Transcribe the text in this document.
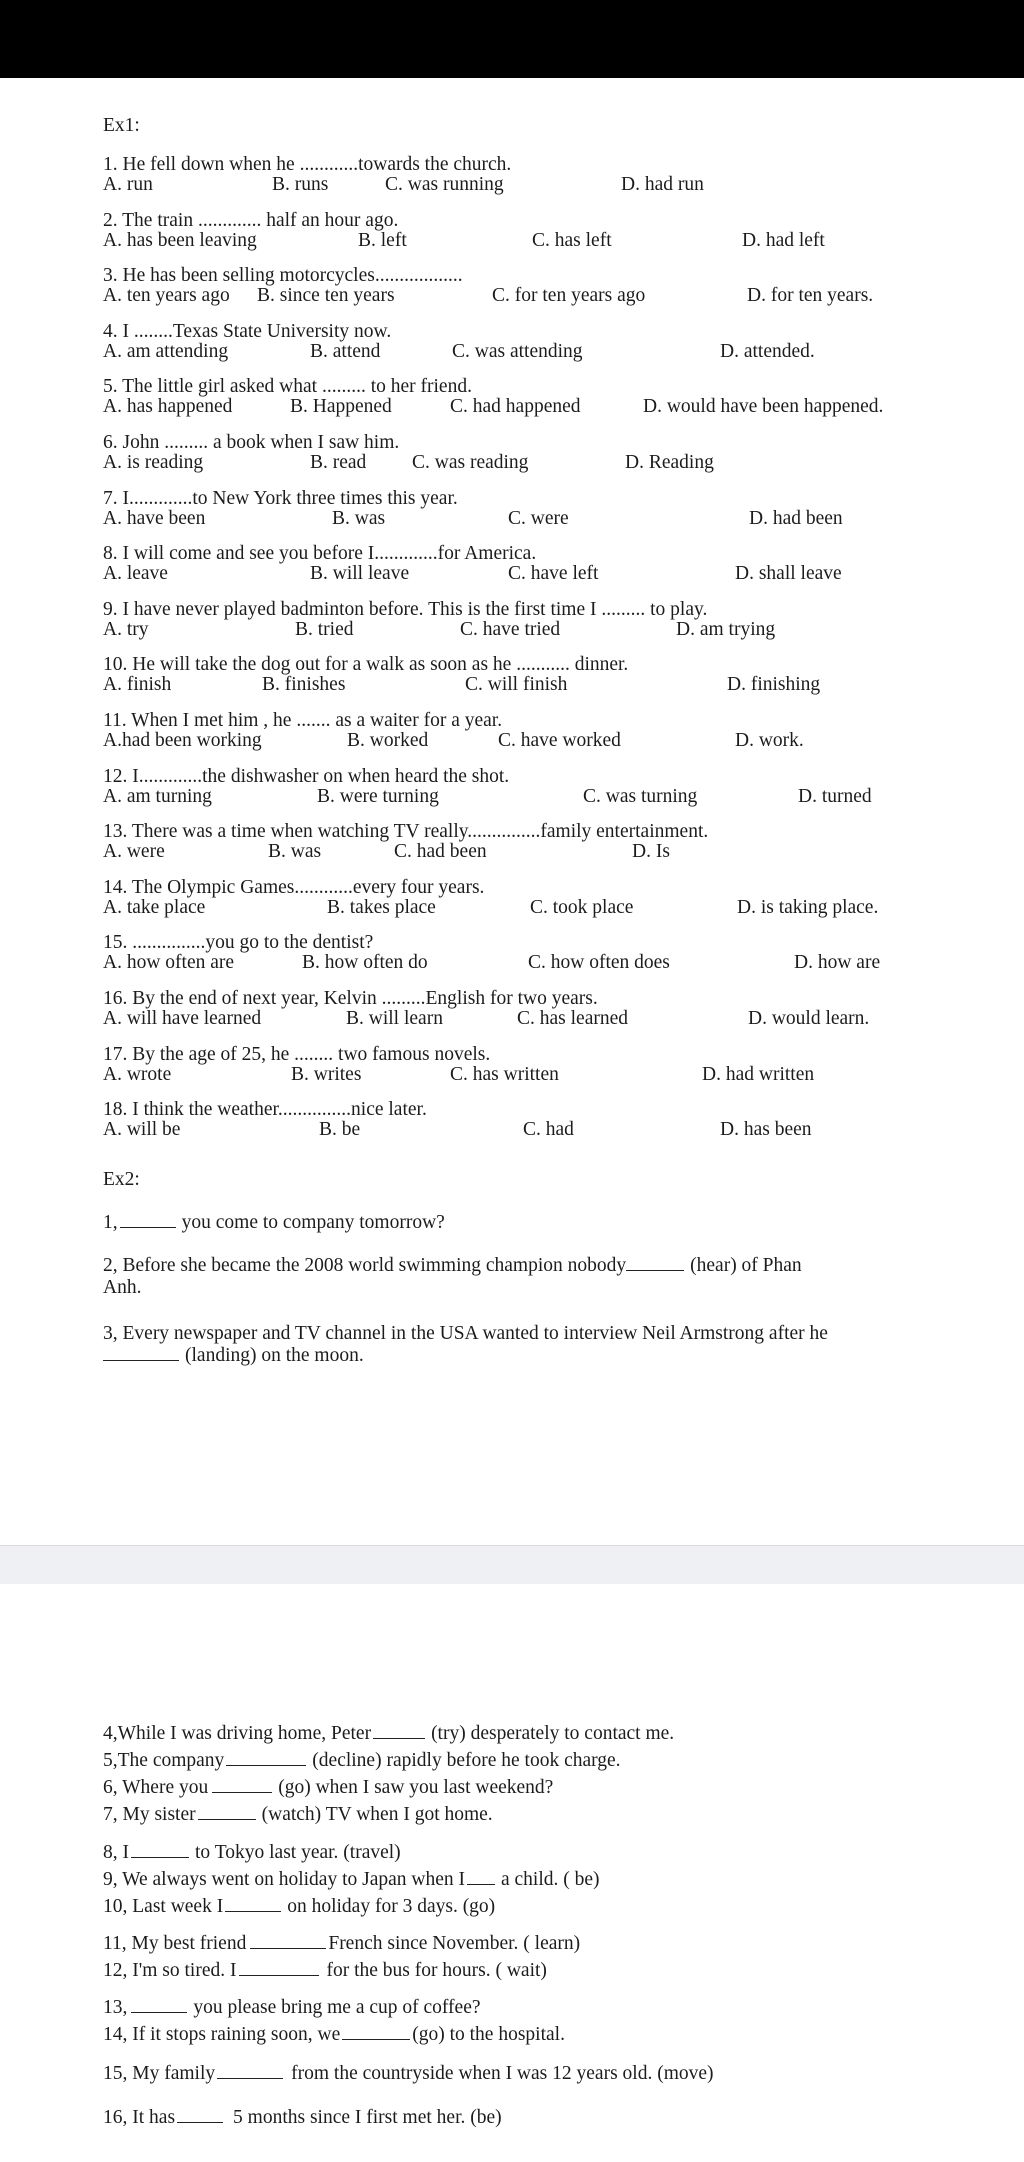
Ex1:
1. He fell down when he ............towards the church.
A. run	B. runs	C. was running	D. had run
2. The train ............. half an hour ago.
A. has been leaving	B. left	C. has left	D. had left
3. He has been selling motorcycles..................
A. ten years ago B. since ten years	C. for ten years ago	D. for ten years.
4. I ........Texas State University now.
A. am attending	B. attend	C. was attending	D. attended.
5. The little girl asked what ......... to her friend.
A. has happened	B. Happened	C. had happened	D. would have been happened.
6. John ......... a book when I saw him.
A. is reading	B. read C. was reading	D. Reading
7. I.............to New York three times this year.
A. have been	B. was	C. were	D. had been
8. I will come and see you before I.............for America.
A. leave	B. will leave	C. have left	D. shall leave
9. I have never played badminton before. This is the first time I ......... to play.
A. try	B. tried	C. have tried	D. am trying
10. He will take the dog out for a walk as soon as he ........... dinner.
A. finish	B. finishes	C. will finish	D. finishing
11. When I met him , he ....... as a waiter for a year.
A.had been working	B. worked	C. have worked	D. work.
12. I.............the dishwasher on when heard the shot.
A. am turning	B. were turning	C. was turning	D. turned
13. There was a time when watching TV really...............family entertainment.
A. were	B. was	C. had been	D. Is
14. The Olympic Games............every four years.
A. take place	B. takes place	C. took place	D. is taking place.
15. ...............you go to the dentist?
A. how often are	B. how often do	C. how often does	D. how are
16. By the end of next year, Kelvin .........English for two years.
A. will have learned	B. will learn	C. has learned	D. would learn.
17. By the age of 25, he ........ two famous novels.
A. wrote	B. writes	C. has written	D. had written
18. I think the weather...............nice later.
A. will be	B. be	C. had	D. has been
Ex2:
1,	you come to company tomorrow?
2, Before she became the 2008 world swimming champion nobody	(hear) of Phan
Anh.
3, Every newspaper and TV channel in the USA wanted to interview Neil Armstrong after he
(landing) on the moon.
4,While I was driving home, Peter	(try) desperately to contact me.
5,The company	(decline) rapidly before he took charge.
6, Where you	(go) when I saw you last weekend?
7, My sister	(watch) TV when I got home.
8, I	to Tokyo last year. (travel)
9, We always went on holiday to Japan when I a child. ( be)
10, Last week I	on holiday for 3 days. (go)
11, My best friend	French since November. ( learn)
12, I'm so tired. I	for the bus for hours. ( wait)
13,	you please bring me a cup of coffee?
14, If it stops raining soon, we	(go) to the hospital.
15, My family	from the countryside when I was 12 years old. (move)
16, It has	5 months since I first met her. (be)
